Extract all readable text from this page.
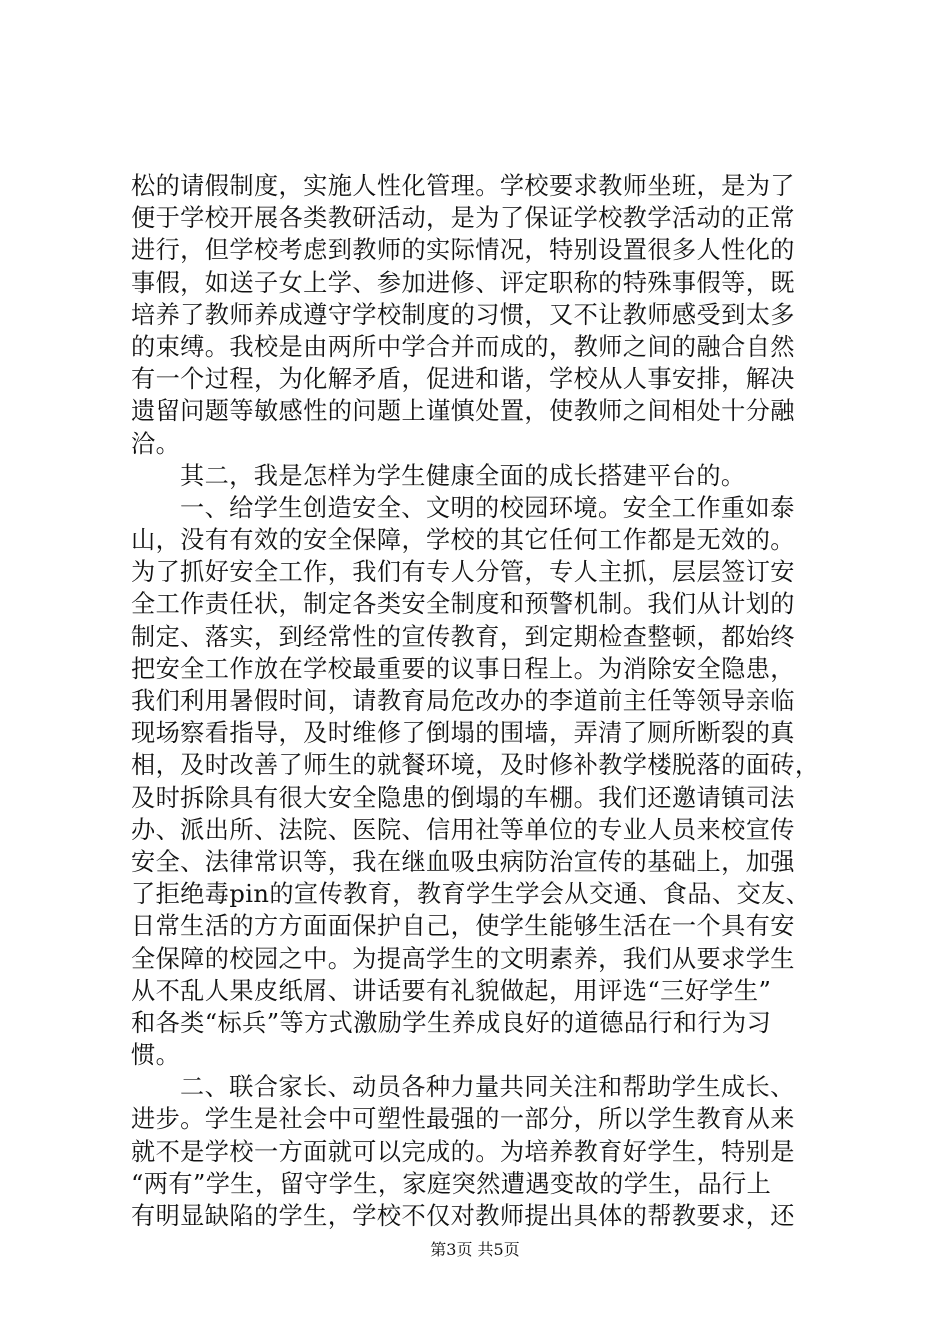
松的请假制度，实施人性化管理。学校要求教师坐班，是为了
便于学校开展各类教研活动，是为了保证学校教学活动的正常
进行，但学校考虑到教师的实际情况，特别设置很多人性化的
事假，如送子女上学、参加进修、评定职称的特殊事假等，既
培养了教师养成遵守学校制度的习惯，又不让教师感受到太多
的束缚。我校是由两所中学合并而成的，教师之间的融合自然
有一个过程，为化解矛盾，促进和谐，学校从人事安排，解决
遗留问题等敏感性的问题上谨慎处置，使教师之间相处十分融
洽。
其二，我是怎样为学生健康全面的成长搭建平台的。
一、给学生创造安全、文明的校园环境。安全工作重如泰
山，没有有效的安全保障，学校的其它任何工作都是无效的。
为了抓好安全工作，我们有专人分管，专人主抓，层层签订安
全工作责任状，制定各类安全制度和预警机制。我们从计划的
制定、落实，到经常性的宣传教育，到定期检查整顿，都始终
把安全工作放在学校最重要的议事日程上。为消除安全隐患，
我们利用暑假时间，请教育局危改办的李道前主任等领导亲临
现场察看指导，及时维修了倒塌的围墙，弄清了厕所断裂的真
相，及时改善了师生的就餐环境，及时修补教学楼脱落的面砖，
及时拆除具有很大安全隐患的倒塌的车棚。我们还邀请镇司法
办、派出所、法院、医院、信用社等单位的专业人员来校宣传
安全、法律常识等，我在继血吸虫病防治宣传的基础上，加强
了拒绝毒pin的宣传教育，教育学生学会从交通、食品、交友、
日常生活的方方面面保护自己，使学生能够生活在一个具有安
全保障的校园之中。为提高学生的文明素养，我们从要求学生
从不乱人果皮纸屑、讲话要有礼貌做起，用评选“三好学生”
和各类“标兵”等方式激励学生养成良好的道德品行和行为习
惯。
二、联合家长、动员各种力量共同关注和帮助学生成长、
进步。学生是社会中可塑性最强的一部分，所以学生教育从来
就不是学校一方面就可以完成的。为培养教育好学生，特别是
“两有”学生，留守学生，家庭突然遭遇变故的学生，品行上
有明显缺陷的学生，学校不仅对教师提出具体的帮教要求，还
第3页 共5页
